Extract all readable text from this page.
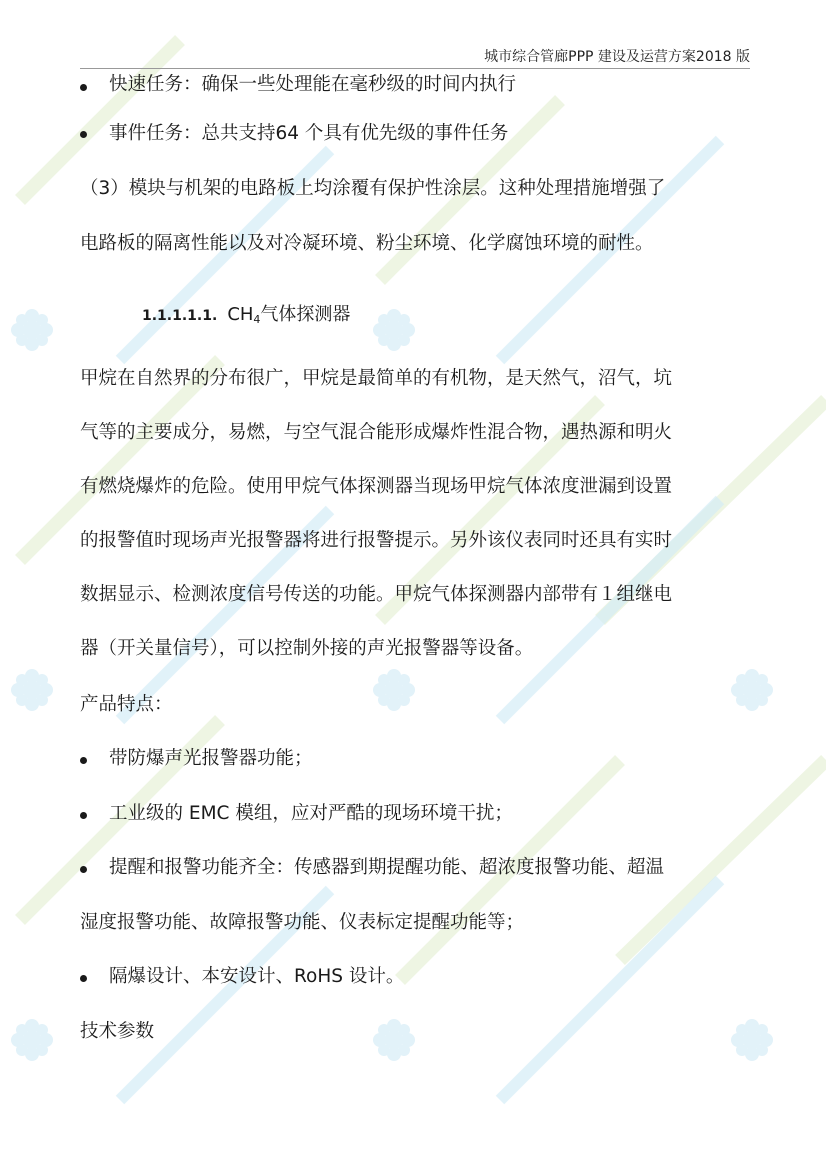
城市综合管廊PPP 建设及运营方案2018 版
快速任务：确保一些处理能在毫秒级的时间内执行
事件任务：总共支持64 个具有优先级的事件任务
（3）模块与机架的电路板上均涂覆有保护性涂层。这种处理措施增强了
电路板的隔离性能以及对冷凝环境、粉尘环境、化学腐蚀环境的耐性。
1.1.1.1.1. $CH_4$气体探测器
甲烷在自然界的分布很广，甲烷是最简单的有机物，是天然气，沼气，坑
气等的主要成分，易燃，与空气混合能形成爆炸性混合物，遇热源和明火
有燃烧爆炸的危险。使用甲烷气体探测器当现场甲烷气体浓度泄漏到设置
的报警值时现场声光报警器将进行报警提示。另外该仪表同时还具有实时
数据显示、检测浓度信号传送的功能。甲烷气体探测器内部带有１组继电
器（开关量信号），可以控制外接的声光报警器等设备。
产品特点：
带防爆声光报警器功能；
工业级的 EMC 模组，应对严酷的现场环境干扰；
提醒和报警功能齐全：传感器到期提醒功能、超浓度报警功能、超温
湿度报警功能、故障报警功能、仪表标定提醒功能等；
隔爆设计、本安设计、RoHS 设计。
技术参数
